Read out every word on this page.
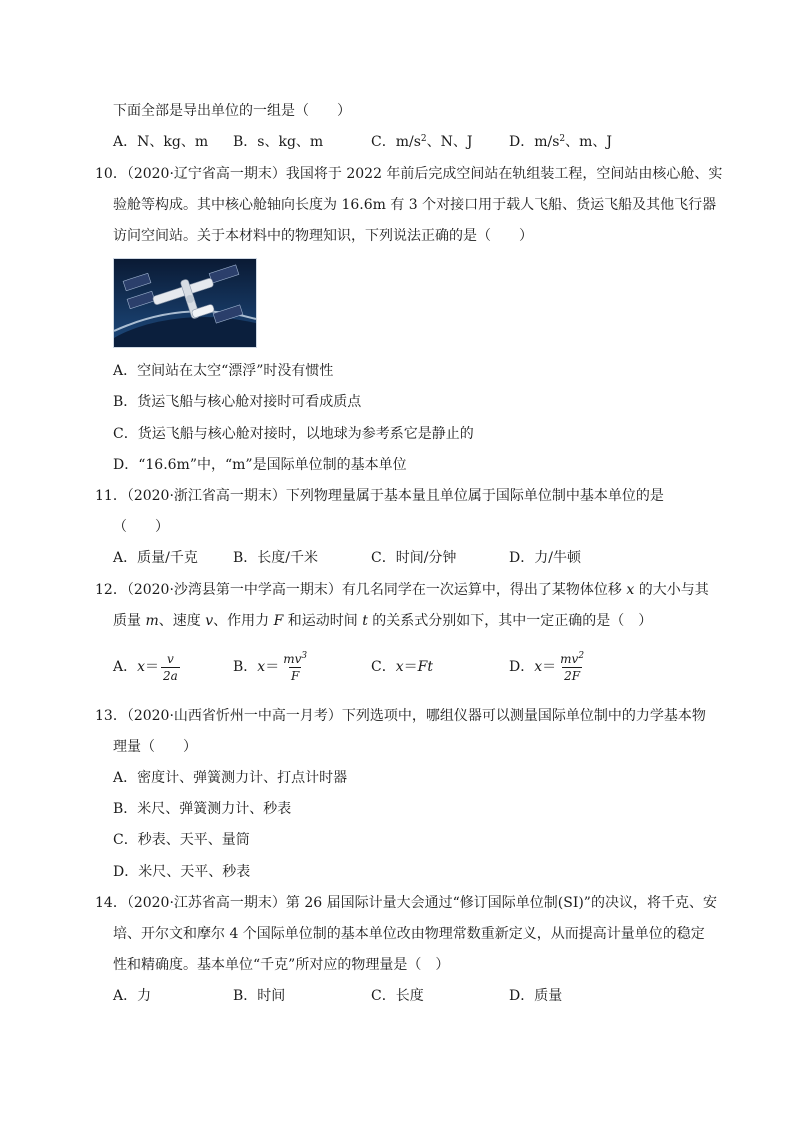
下面全部是导出单位的一组是（　　）
A．N、kg、m B．s、kg、m	C．$m/s^2$、N、J	D．$m/s^2$、m、J
10．（2020·辽宁省高一期末）我国将于 2022 年前后完成空间站在轨组装工程，空间站由核心舱、实
验舱等构成。其中核心舱轴向长度为 16.6m 有 3 个对接口用于载人飞船、货运飞船及其他飞行器
访问空间站。关于本材料中的物理知识，下列说法正确的是（　　）
A．空间站在太空“漂浮”时没有惯性
B．货运飞船与核心舱对接时可看成质点
C．货运飞船与核心舱对接时，以地球为参考系它是静止的
D．“16.6m”中，“m”是国际单位制的基本单位
11．（2020·浙江省高一期末）下列物理量属于基本量且单位属于国际单位制中基本单位的是
（　　）
A．质量/千克	B．长度/千米	C．时间/分钟	D．力/牛顿
12．（2020·沙湾县第一中学高一期末）有几名同学在一次运算中，得出了某物体位移 x 的大小与其
质量 m、速度 v、作用力 F 和运动时间 t 的关系式分别如下，其中一定正确的是（　）
A．$x= \frac{v}{2a}$	B．$x= \frac{mv^3}{F}$	C．x＝Ft	D．$x= \frac{mv^2}{2F}$
13．（2020·山西省忻州一中高一月考）下列选项中，哪组仪器可以测量国际单位制中的力学基本物
理量（　　）
A．密度计、弹簧测力计、打点计时器
B．米尺、弹簧测力计、秒表
C．秒表、天平、量筒
D．米尺、天平、秒表
14．（2020·江苏省高一期末）第 26 届国际计量大会通过“修订国际单位制(SI)”的决议，将千克、安
培、开尔文和摩尔 4 个国际单位制的基本单位改由物理常数重新定义，从而提高计量单位的稳定
性和精确度。基本单位“千克”所对应的物理量是（　）
A．力	B．时间	C．长度	D．质量
